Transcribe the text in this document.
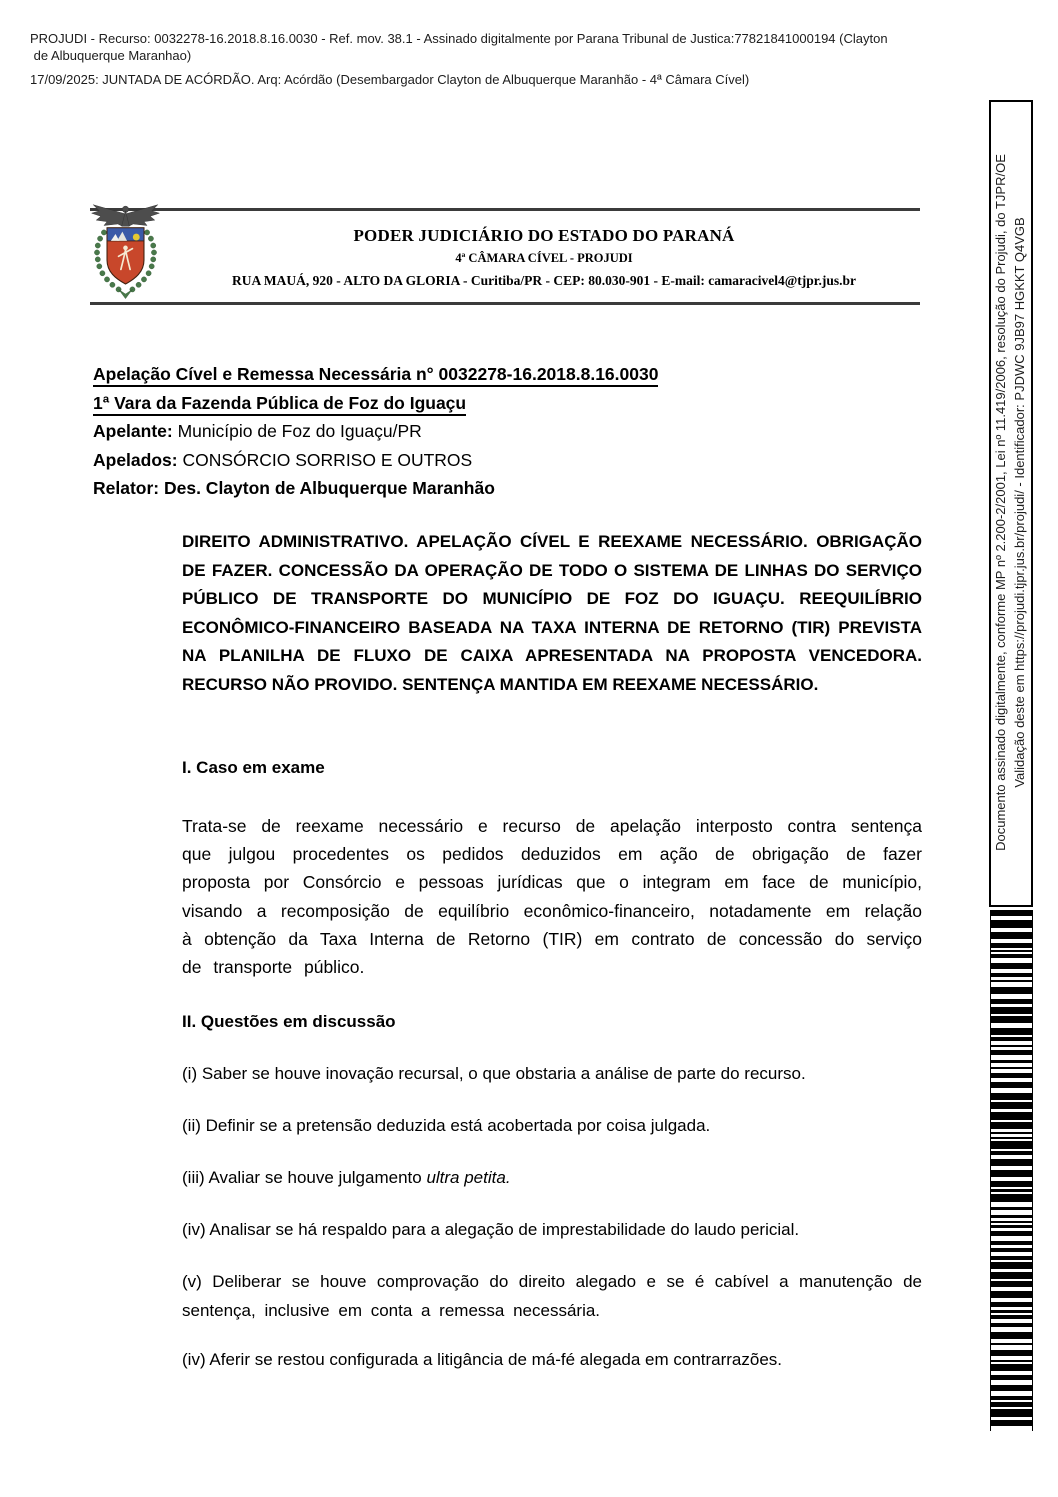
PROJUDI - Recurso: 0032278-16.2018.8.16.0030 - Ref. mov. 38.1 - Assinado digitalmente por Parana Tribunal de Justica:77821841000194 (Clayton

de Albuquerque Maranhao)

17/09/2025: JUNTADA DE ACÓRDÃO. Arq: Acórdão (Desembargador Clayton de Albuquerque Maranhão - 4ª Câmara Cível)

Documento assinado digitalmente, conforme MP nº 2.200-2/2001, Lei nº 11.419/2006, resolução do Projudi, do TJPR/OE Validação deste em https://projudi.tjpr.jus.br/projudi/ - Identificador: PJDWC 9JB97 HGKKT Q4VGB
PODER JUDICIÁRIO DO ESTADO DO PARANÁ
4ª CÂMARA CÍVEL - PROJUDI
RUA MAUÁ, 920 - ALTO DA GLORIA - Curitiba/PR - CEP: 80.030-901 - E-mail: camaracivel4@tjpr.jus.br

Apelação Cível e Remessa Necessária n° 0032278-16.2018.8.16.0030

1ª Vara da Fazenda Pública de Foz do Iguaçu

Apelante: Município de Foz do Iguaçu/PR

Apelados: CONSÓRCIO SORRISO E OUTROS

Relator: Des. Clayton de Albuquerque Maranhão

DIREITO ADMINISTRATIVO. APELAÇÃO CÍVEL E REEXAME NECESSÁRIO. OBRIGAÇÃO DE FAZER. CONCESSÃO DA OPERAÇÃO DE TODO O SISTEMA DE LINHAS DO SERVIÇO PÚBLICO DE TRANSPORTE DO MUNICÍPIO DE FOZ DO IGUAÇU. REEQUILÍBRIO ECONÔMICO-FINANCEIRO BASEADA NA TAXA INTERNA DE RETORNO (TIR) PREVISTA NA PLANILHA DE FLUXO DE CAIXA APRESENTADA NA PROPOSTA VENCEDORA. RECURSO NÃO PROVIDO. SENTENÇA MANTIDA EM REEXAME NECESSÁRIO.
I. Caso em exame
Trata-se de reexame necessário e recurso de apelação interposto contra sentença que julgou procedentes os pedidos deduzidos em ação de obrigação de fazer proposta por Consórcio e pessoas jurídicas que o integram em face de município, visando a recomposição de equilíbrio econômico-financeiro, notadamente em relação à obtenção da Taxa Interna de Retorno (TIR) em contrato de concessão do serviço de transporte público.
II. Questões em discussão
(i) Saber se houve inovação recursal, o que obstaria a análise de parte do recurso.
(ii) Definir se a pretensão deduzida está acobertada por coisa julgada.
(iii) Avaliar se houve julgamento ultra petita.
(iv) Analisar se há respaldo para a alegação de imprestabilidade do laudo pericial.
(v) Deliberar se houve comprovação do direito alegado e se é cabível a manutenção de sentença, inclusive em conta a remessa necessária.
(iv) Aferir se restou configurada a litigância de má-fé alegada em contrarrazões.
